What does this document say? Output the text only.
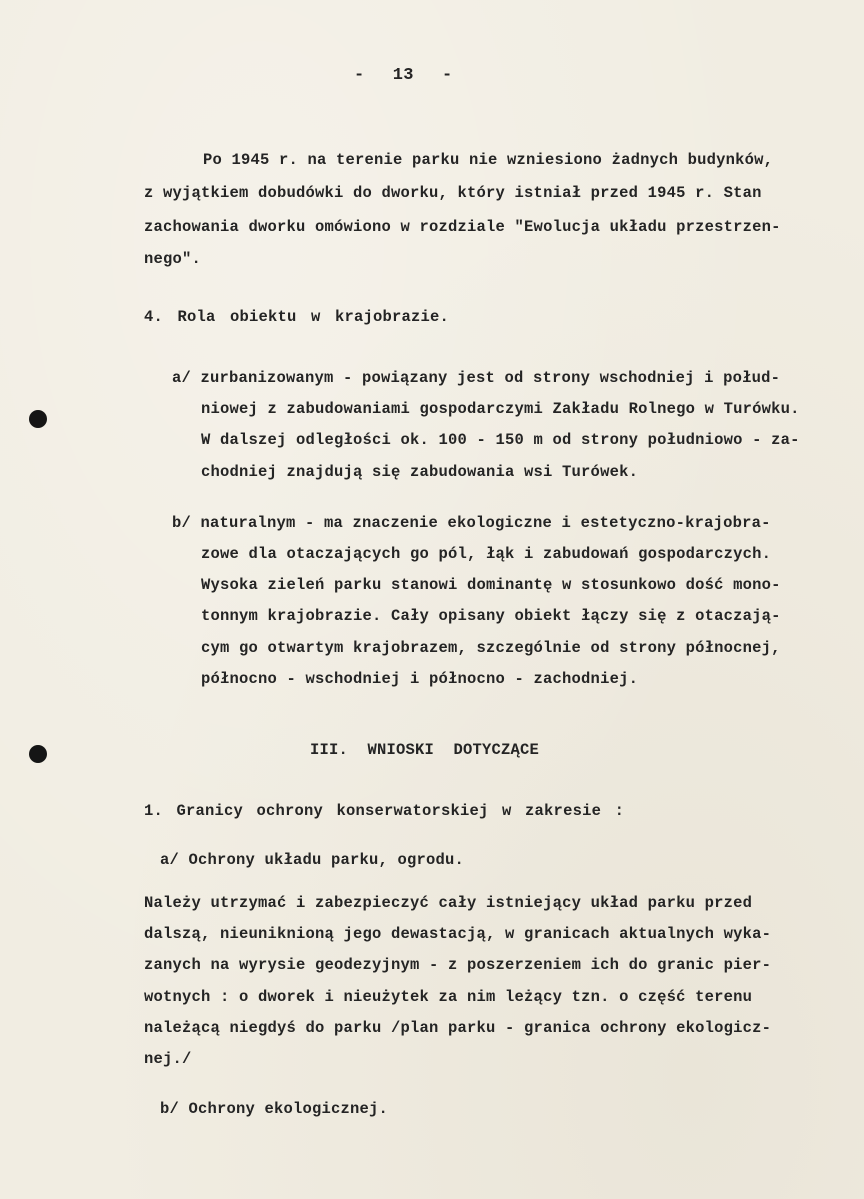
- 13 -
Po 1945 r. na terenie parku nie wzniesiono żadnych budynków,
z wyjątkiem dobudówki do dworku, który istniał przed 1945 r. Stan
zachowania dworku omówiono w rozdziale "Ewolucja układu przestrzen-
nego".
4. Rola obiektu w krajobrazie.
a/ zurbanizowanym - powiązany jest od strony wschodniej i połud-
niowej z zabudowaniami gospodarczymi Zakładu Rolnego w Turówku.
W dalszej odległości ok. 100 - 150 m od strony południowo - za-
chodniej znajdują się zabudowania wsi Turówek.
b/ naturalnym - ma znaczenie ekologiczne i estetyczno-krajobra-
zowe dla otaczających go pól, łąk i zabudowań gospodarczych.
Wysoka zieleń parku stanowi dominantę w stosunkowo dość mono-
tonnym krajobrazie. Cały opisany obiekt łączy się z otaczają-
cym go otwartym krajobrazem, szczególnie od strony północnej,
północno - wschodniej i północno - zachodniej.
III. WNIOSKI DOTYCZĄCE
1. Granicy ochrony konserwatorskiej w zakresie :
a/ Ochrony układu parku, ogrodu.
Należy utrzymać i zabezpieczyć cały istniejący układ parku przed
dalszą, nieuniknioną jego dewastacją, w granicach aktualnych wyka-
zanych na wyrysie geodezyjnym - z poszerzeniem ich do granic pier-
wotnych : o dworek i nieużytek za nim leżący tzn. o część terenu
należącą niegdyś do parku /plan parku - granica ochrony ekologicz-
nej./
b/ Ochrony ekologicznej.
